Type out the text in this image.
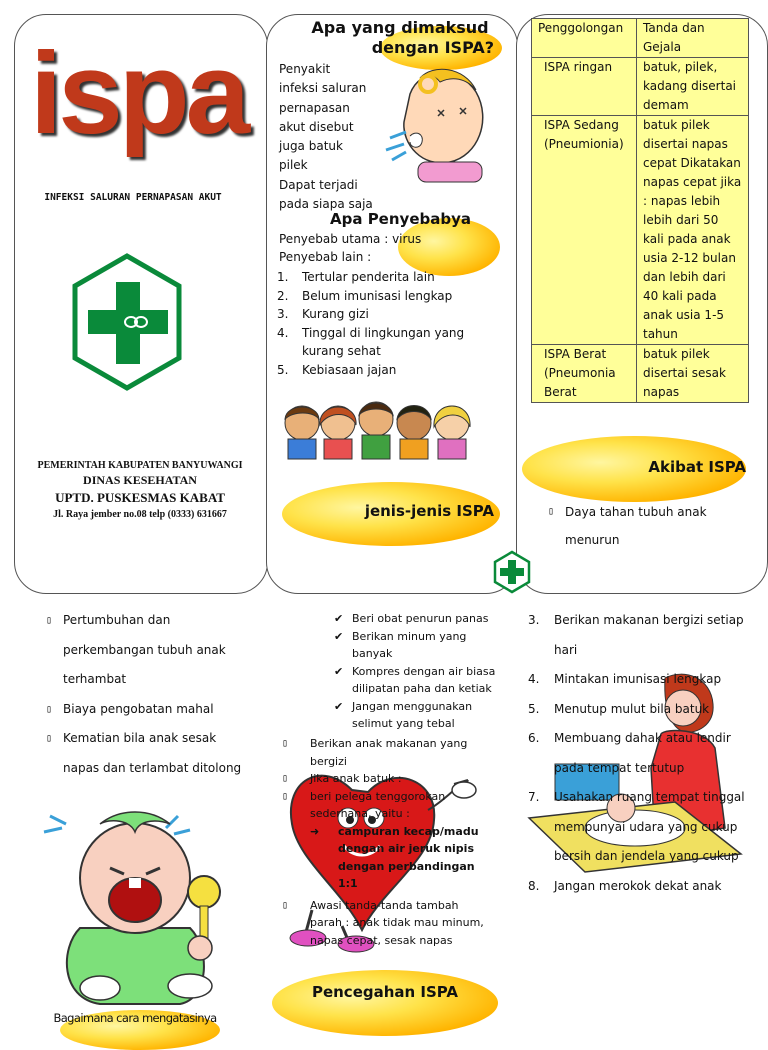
ispa
INFEKSI SALURAN PERNAPASAN AKUT
PEMERINTAH KABUPATEN BANYUWANGI
DINAS KESEHATAN
UPTD. PUSKESMAS KABAT
Jl. Raya jember no.08 telp (0333) 631667
Apa yang dimaksud
dengan ISPA?
Penyakit
infeksi saluran
pernapasan
akut disebut
juga batuk
pilek
Dapat terjadi
pada siapa saja
Apa Penyebabya
Penyebab utama : virus
Penyebab lain :
1.	Tertular penderita lain
2.	Belum imunisasi lengkap
3.	Kurang gizi
4.	Tinggal di lingkungan yang kurang sehat
5.	Kebiasaan jajan
jenis-jenis ISPA
Penggolongan	Tanda dan Gejala
ISPA ringan	batuk, pilek, kadang disertai demam
ISPA Sedang (Pneumionia)	batuk pilek disertai napas cepat Dikatakan napas cepat jika : napas lebih lebih dari 50 kali pada anak usia 2-12 bulan dan lebih dari 40 kali pada anak usia 1-5 tahun
ISPA Berat (Pneumonia Berat	batuk pilek disertai sesak napas
Akibat ISPA
▯ Daya tahan tubuh anak menurun
▯ Pertumbuhan dan perkembangan tubuh anak terhambat
▯ Biaya pengobatan mahal
▯ Kematian bila anak sesak napas dan terlambat ditolong
Bagaimana cara mengatasinya
✔ Beri obat penurun panas
✔ Berikan minum yang banyak
✔ Kompres dengan air biasa dilipatan paha dan ketiak
✔ Jangan menggunakan selimut yang tebal
▯	Berikan anak makanan yang bergizi
▯	Jika anak batuk :
▯	beri pelega tenggorokan sederhana, yaitu :
➜	campuran kecap/madu dengan air jeruk nipis dengan perbandingan 1:1
▯	Awasi tanda-tanda tambah parah : anak tidak mau minum, napas cepat, sesak napas
Pencegahan ISPA
3.	Berikan makanan bergizi setiap hari
4.	Mintakan imunisasi lengkap
5.	Menutup mulut bila batuk
6.	Membuang dahak atau lendir pada tempat tertutup
7.	Usahakan ruang tempat tinggal mempunyai udara yang cukup bersih dan jendela yang cukup
8.	Jangan merokok dekat anak
